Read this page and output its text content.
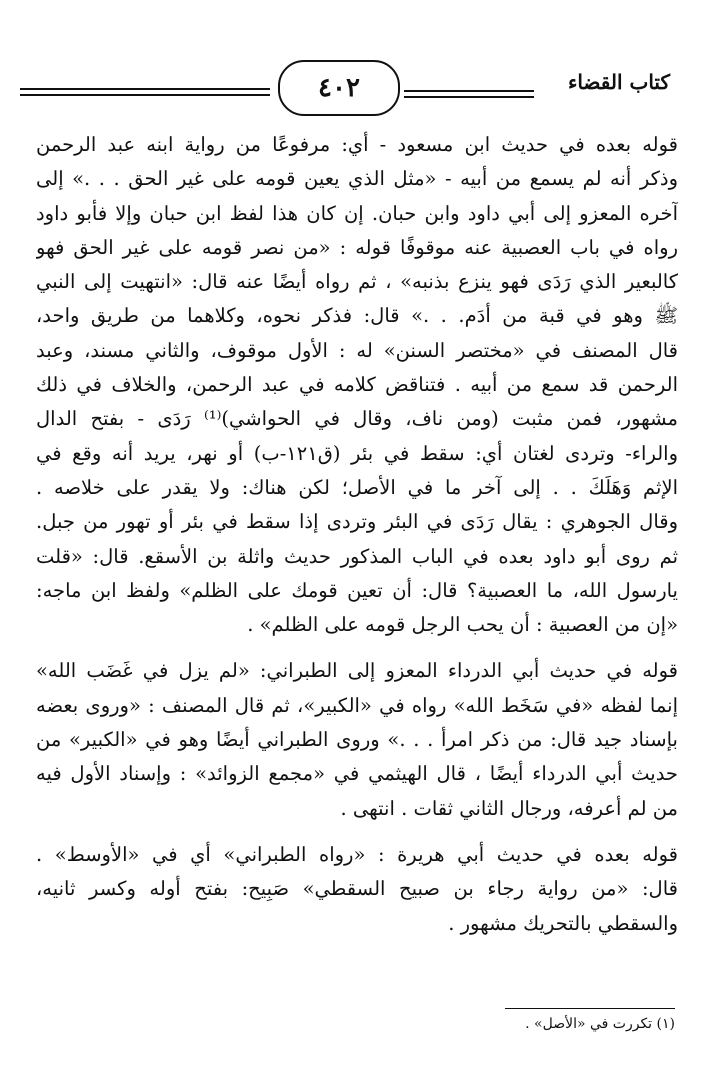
٤٠٢	كتاب القضاء
قوله بعده في حديث ابن مسعود - أي: مرفوعًا من رواية ابنه عبد الرحمن
وذكر أنه لم يسمع من أبيه - «مثل الذي يعين قومه على غير الحق . . .» إلى
آخره المعزو إلى أبي داود وابن حبان. إن كان هذا لفظ ابن حبان وإلا فأبو داود
رواه في باب العصبية عنه موقوفًا قوله : «من نصر قومه على غير الحق فهو
كالبعير الذي رَدَى فهو ينزع بذنبه» ، ثم رواه أيضًا عنه قال: «انتهيت إلى النبي
ﷺ وهو في قبة من أدَم. . .» قال: فذكر نحوه، وكلاهما من طريق واحد،
قال المصنف في «مختصر السنن» له : الأول موقوف، والثاني مسند، وعبد
الرحمن قد سمع من أبيه . فتناقض كلامه في عبد الرحمن، والخلاف في ذلك
مشهور، فمن مثبت (ومن ناف، وقال في الحواشي)⁽¹⁾ رَدَى - بفتح الدال
والراء- وتردى لغتان أي: سقط في بئر (ق١٢١-ب) أو نهر، يريد أنه وقع في
الإثم وَهَلَكَ . . إلى آخر ما في الأصل؛ لكن هناك: ولا يقدر على خلاصه .
وقال الجوهري : يقال رَدَى في البئر وتردى إذا سقط في بئر أو تهور من جبل.
ثم روى أبو داود بعده في الباب المذكور حديث واثلة بن الأسقع. قال: «قلت
يارسول الله، ما العصبية؟ قال: أن تعين قومك على الظلم» ولفظ ابن ماجه:
«إن من العصبية : أن يحب الرجل قومه على الظلم» .
قوله في حديث أبي الدرداء المعزو إلى الطبراني: «لم يزل في غَضَب الله»
إنما لفظه «في سَخَط الله» رواه في «الكبير»، ثم قال المصنف : «وروى بعضه
بإسناد جيد قال: من ذكر امرأ . . .» وروى الطبراني أيضًا وهو في «الكبير» من
حديث أبي الدرداء أيضًا ، قال الهيثمي في «مجمع الزوائد» : وإسناد الأول فيه
من لم أعرفه، ورجال الثاني ثقات . انتهى .
قوله بعده في حديث أبي هريرة : «رواه الطبراني» أي في «الأوسط» .
قال: «من رواية رجاء بن صبيح السقطي» صَبِيح: بفتح أوله وكسر ثانيه،
والسقطي بالتحريك مشهور .
(١) تكررت في «الأصل» .
